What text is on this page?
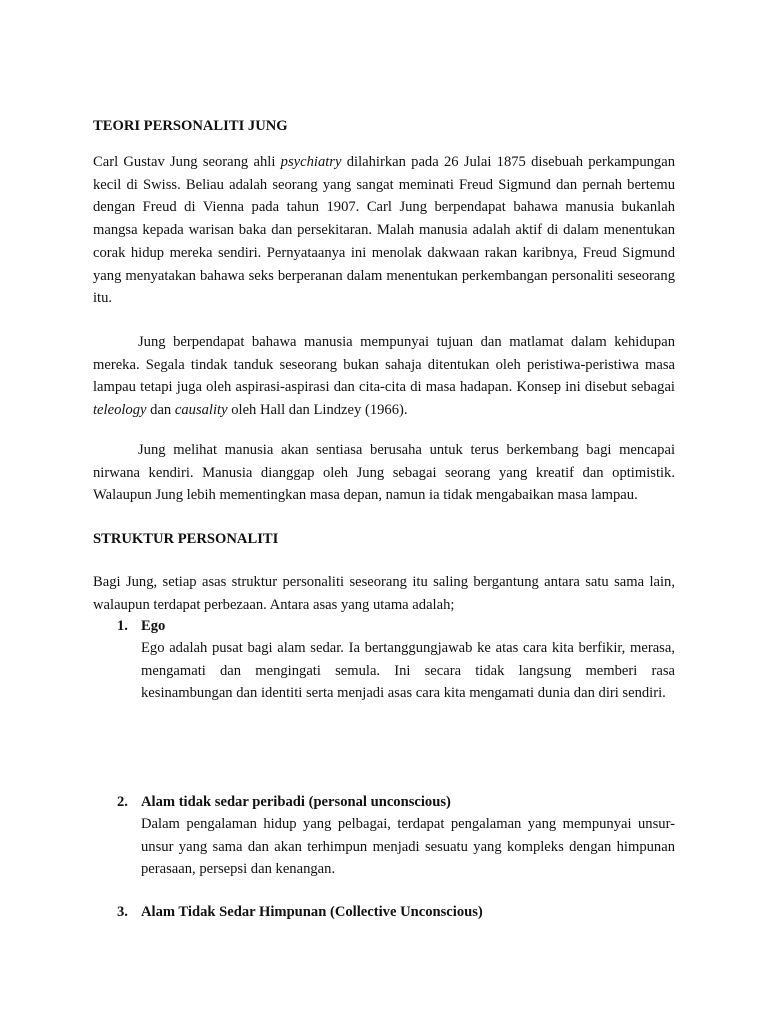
TEORI PERSONALITI JUNG

Carl Gustav Jung seorang ahli psychiatry dilahirkan pada 26 Julai 1875 disebuah perkampungan kecil di Swiss. Beliau adalah seorang yang sangat meminati Freud Sigmund dan pernah bertemu dengan Freud di Vienna pada tahun 1907. Carl Jung berpendapat bahawa manusia bukanlah mangsa kepada warisan baka dan persekitaran. Malah manusia adalah aktif di dalam menentukan corak hidup mereka sendiri. Pernyataanya ini menolak dakwaan rakan karibnya, Freud Sigmund yang menyatakan bahawa seks berperanan dalam menentukan perkembangan personaliti seseorang itu.

Jung berpendapat bahawa manusia mempunyai tujuan dan matlamat dalam kehidupan mereka. Segala tindak tanduk seseorang bukan sahaja ditentukan oleh peristiwa-peristiwa masa lampau tetapi juga oleh aspirasi-aspirasi dan cita-cita di masa hadapan. Konsep ini disebut sebagai teleology dan causality oleh Hall dan Lindzey (1966).

Jung melihat manusia akan sentiasa berusaha untuk terus berkembang bagi mencapai nirwana kendiri. Manusia dianggap oleh Jung sebagai seorang yang kreatif dan optimistik. Walaupun Jung lebih mementingkan masa depan, namun ia tidak mengabaikan masa lampau.

STRUKTUR PERSONALITI

Bagi Jung, setiap asas struktur personaliti seseorang itu saling bergantung antara satu sama lain, walaupun terdapat perbezaan. Antara asas yang utama adalah;

1. Ego

Ego adalah pusat bagi alam sedar. Ia bertanggungjawab ke atas cara kita berfikir, merasa, mengamati dan mengingati semula. Ini secara tidak langsung memberi rasa kesinambungan dan identiti serta menjadi asas cara kita mengamati dunia dan diri sendiri.

2. Alam tidak sedar peribadi (personal unconscious)

Dalam pengalaman hidup yang pelbagai, terdapat pengalaman yang mempunyai unsur-unsur yang sama dan akan terhimpun menjadi sesuatu yang kompleks dengan himpunan perasaan, persepsi dan kenangan.

3. Alam Tidak Sedar Himpunan (Collective Unconscious)
